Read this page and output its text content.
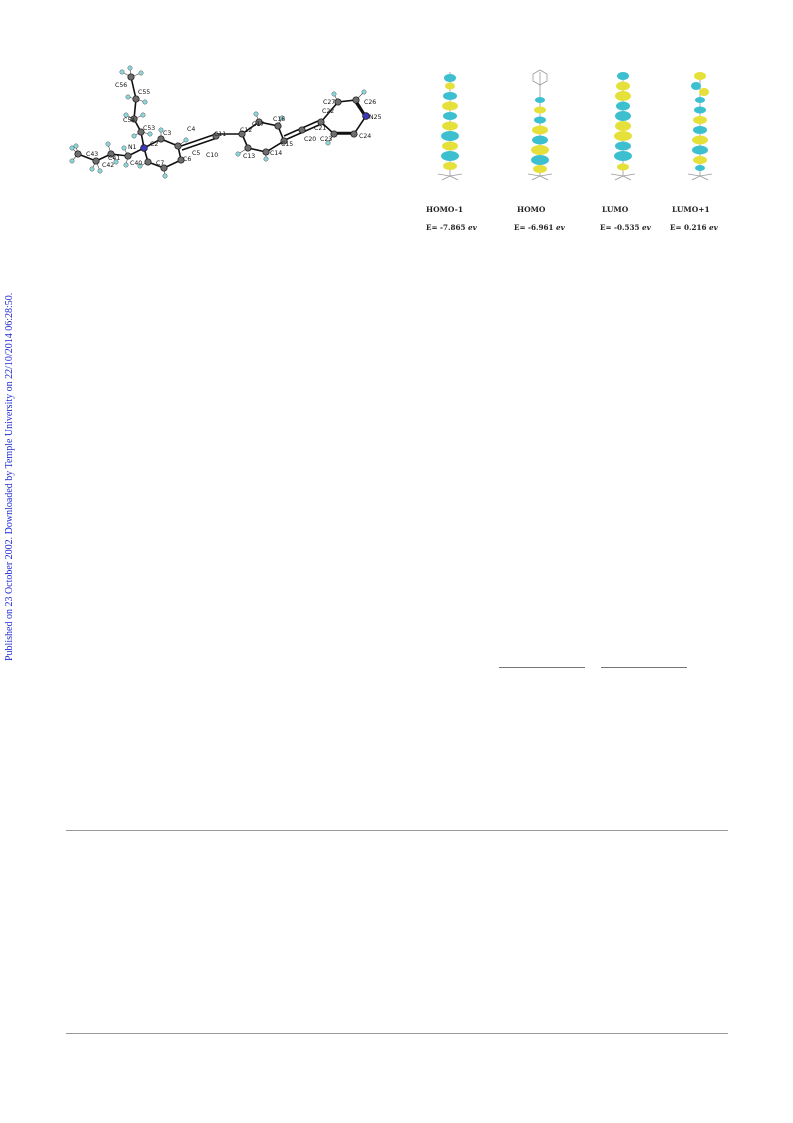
Published on 23 October 2002. Downloaded by Temple University on 22/10/2014 06:28:50.
C56
C55
C54
C53
N1 C2
C3
C4
C5
C6
C7
C10
C11
C12
C13 C14
C15
C16
C17
C20
C21
C22
C23	C24
N25
C26
C27
C40
C41
C42
C43
HOMO-1	HOMO	LUMO	LUMO+1
E= -7.865 ev	E= -6.961 ev	E= -0.535 ev	E= 0.216 ev
